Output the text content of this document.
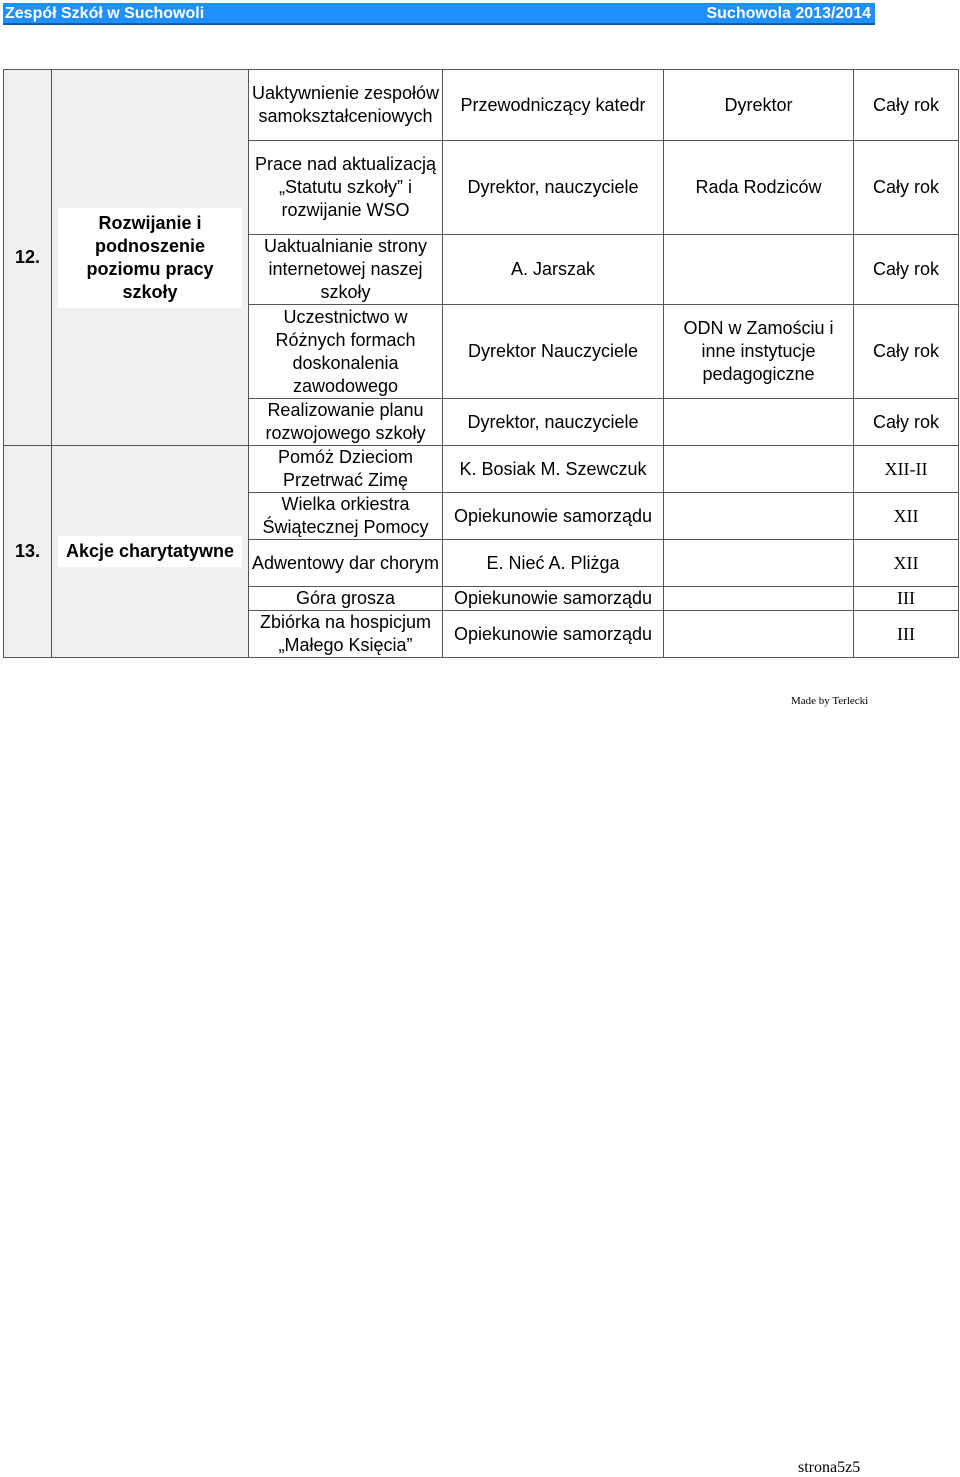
Zespół Szkół w Suchowoli	Suchowola 2013/2014
12.	Rozwijanie i podnoszenie poziomu pracy szkoły	Uaktywnienie zespołów samokształceniowych	Przewodniczący katedr	Dyrektor	Cały rok
		Prace nad aktualizacją „Statutu szkoły” i rozwijanie WSO	Dyrektor, nauczyciele	Rada Rodziców	Cały rok
		Uaktualnianie strony internetowej naszej szkoły	A. Jarszak		Cały rok
		Uczestnictwo w Różnych formach doskonalenia zawodowego	Dyrektor Nauczyciele	ODN w Zamościu i inne instytucje pedagogiczne	Cały rok
		Realizowanie planu rozwojowego szkoły	Dyrektor, nauczyciele		Cały rok
13.	Akcje charytatywne	Pomóż Dzieciom Przetrwać Zimę	K. Bosiak M. Szewczuk		XII-II
		Wielka orkiestra Świątecznej Pomocy	Opiekunowie samorządu		XII
		Adwentowy dar chorym	E. Nieć A. Pliżga		XII
		Góra grosza	Opiekunowie samorządu		III
		Zbiórka na hospicjum „Małego Księcia”	Opiekunowie samorządu		III
Made by Terlecki
strona5z5
